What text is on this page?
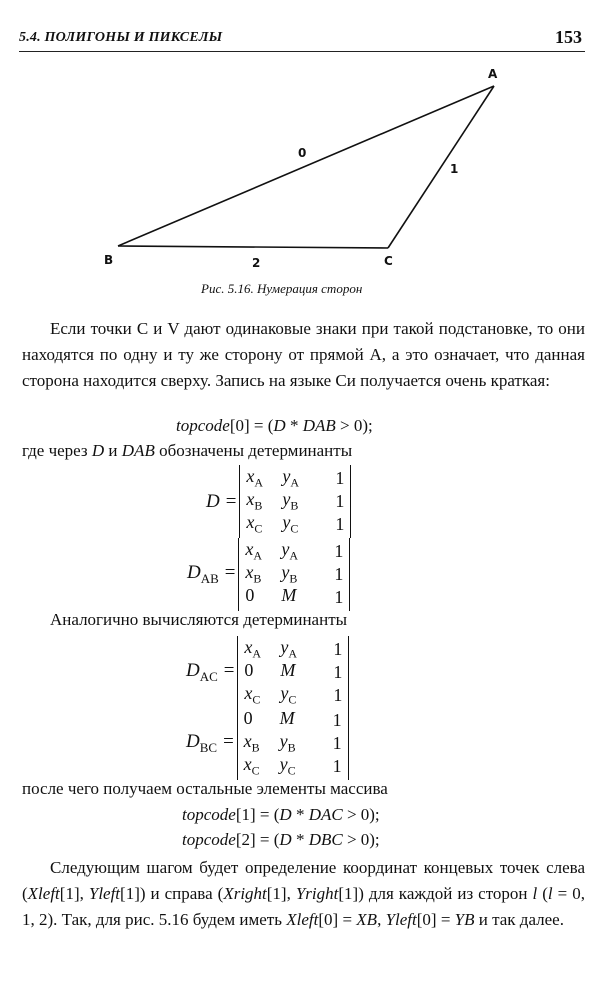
5.4. ПОЛИГОНЫ И ПИКСЕЛЫ	153
A
B	C
0
1
2
Рис. 5.16. Нумерация сторон

Если точки C и V дают одинаковые знаки при такой подстановке, то они находятся по одну и ту же сторону от прямой A, а это означает, что данная сторона находится сверху. Запись на языке Си получается очень краткая:

topcode[0] = (D * DAB > 0);
где через D и DAB обозначены детерминанты
D =
$x_A$	$y_A$	1
$x_B$	$y_B$	1
$x_C$	$y_C$	1
$D_{AB}$ =
$x_A$	$y_A$	1
$x_B$	$y_B$	1
0	M	1
Аналогично вычисляются детерминанты
$D_{AC}$ =
$x_A$	$y_A$	1
0	M	1
$x_C$	$y_C$	1
$D_{BC}$ =
0	M	1
$x_B$	$y_B$	1
$x_C$	$y_C$	1
после чего получаем остальные элементы массива
topcode[1] = (D * DAC > 0);
topcode[2] = (D * DBC > 0);

Следующим шагом будет определение координат концевых точек слева (Xleft[1], Yleft[1]) и справа (Xright[1], Yright[1]) для каждой из сторон l (l = 0, 1, 2). Так, для рис. 5.16 будем иметь Xleft[0] = XB, Yleft[0] = YB и так далее.
